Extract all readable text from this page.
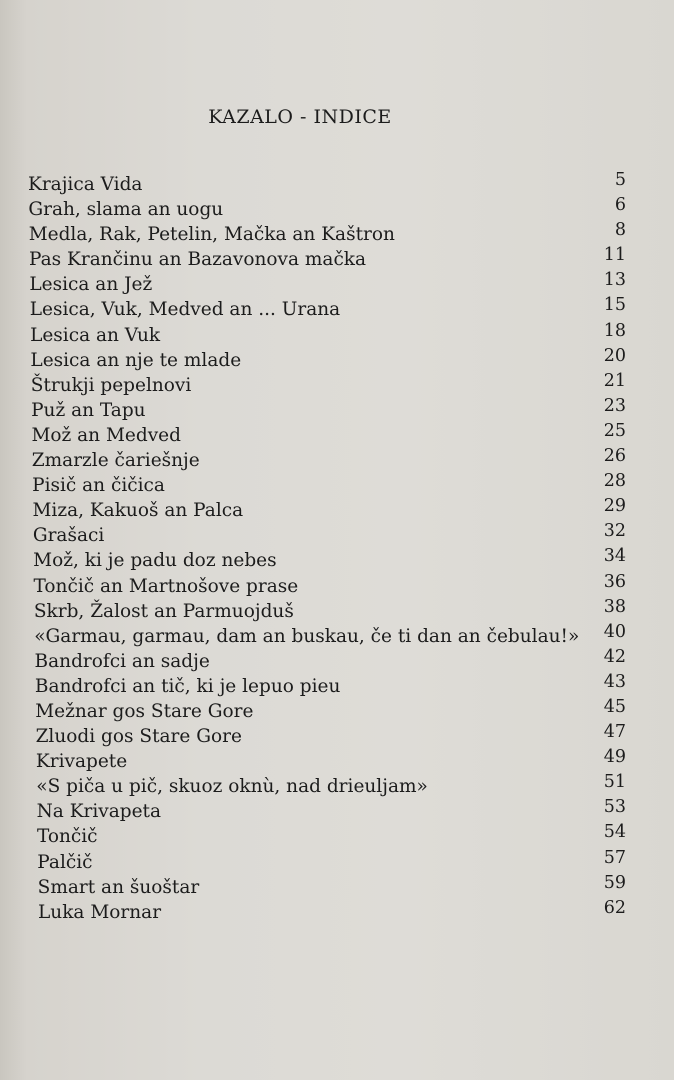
KAZALO - INDICE
Krajica Vida	5
Grah, slama an uogu	6
Medla, Rak, Petelin, Mačka an Kaštron	8
Pas Krančinu an Bazavonova mačka	11
Lesica an Jež	13
Lesica, Vuk, Medved an ... Urana	15
Lesica an Vuk	18
Lesica an nje te mlade	20
Štrukji pepelnovi	21
Puž an Tapu	23
Mož an Medved	25
Zmarzle čariešnje	26
Pisič an čičica	28
Miza, Kakuoš an Palca	29
Grašaci	32
Mož, ki je padu doz nebes	34
Tončič an Martnošove prase	36
Skrb, Žalost an Parmuojduš	38
«Garmau, garmau, dam an buskau, če ti dan an čebulau!» 40
Bandrofci an sadje	42
Bandrofci an tič, ki je lepuo pieu	43
Mežnar gos Stare Gore	45
Zluodi gos Stare Gore	47
Krivapete	49
«S piča u pič, skuoz oknù, nad drieuljam»	51
Na Krivapeta	53
Tončič	54
Palčič	57
Smart an šuoštar	59
Luka Mornar	62
